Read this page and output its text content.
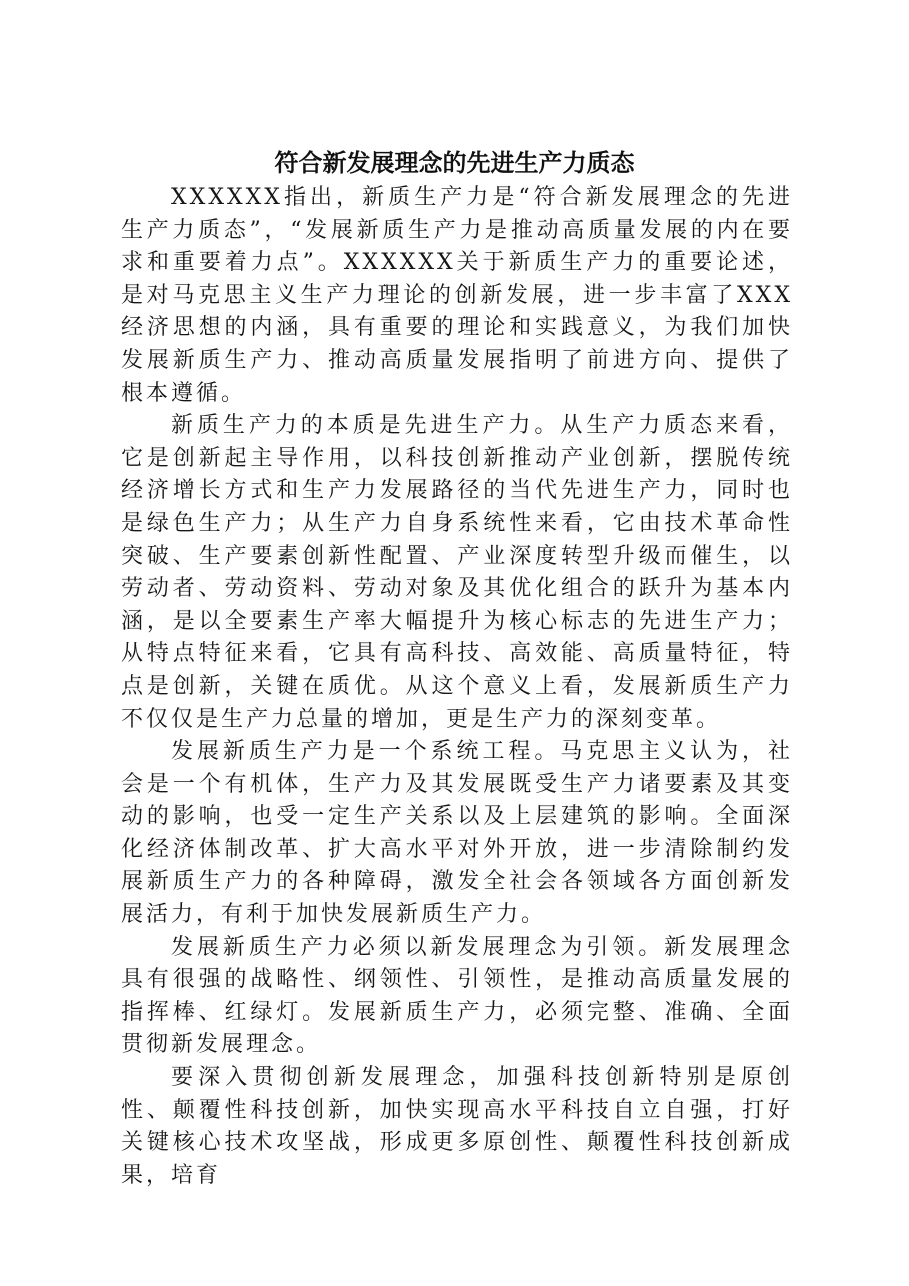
符合新发展理念的先进生产力质态

XXXXXX指出，新质生产力是“符合新发展理念的先进生产力质态”，“发展新质生产力是推动高质量发展的内在要求和重要着力点”。XXXXXX关于新质生产力的重要论述，是对马克思主义生产力理论的创新发展，进一步丰富了XXX经济思想的内涵，具有重要的理论和实践意义，为我们加快发展新质生产力、推动高质量发展指明了前进方向、提供了根本遵循。

新质生产力的本质是先进生产力。从生产力质态来看，它是创新起主导作用，以科技创新推动产业创新，摆脱传统经济增长方式和生产力发展路径的当代先进生产力，同时也是绿色生产力；从生产力自身系统性来看，它由技术革命性突破、生产要素创新性配置、产业深度转型升级而催生，以劳动者、劳动资料、劳动对象及其优化组合的跃升为基本内涵，是以全要素生产率大幅提升为核心标志的先进生产力；从特点特征来看，它具有高科技、高效能、高质量特征，特点是创新，关键在质优。从这个意义上看，发展新质生产力不仅仅是生产力总量的增加，更是生产力的深刻变革。

发展新质生产力是一个系统工程。马克思主义认为，社会是一个有机体，生产力及其发展既受生产力诸要素及其变动的影响，也受一定生产关系以及上层建筑的影响。全面深化经济体制改革、扩大高水平对外开放，进一步清除制约发展新质生产力的各种障碍，激发全社会各领域各方面创新发展活力，有利于加快发展新质生产力。

发展新质生产力必须以新发展理念为引领。新发展理念具有很强的战略性、纲领性、引领性，是推动高质量发展的指挥棒、红绿灯。发展新质生产力，必须完整、准确、全面贯彻新发展理念。

要深入贯彻创新发展理念，加强科技创新特别是原创性、颠覆性科技创新，加快实现高水平科技自立自强，打好关键核心技术攻坚战，形成更多原创性、颠覆性科技创新成果，培育
